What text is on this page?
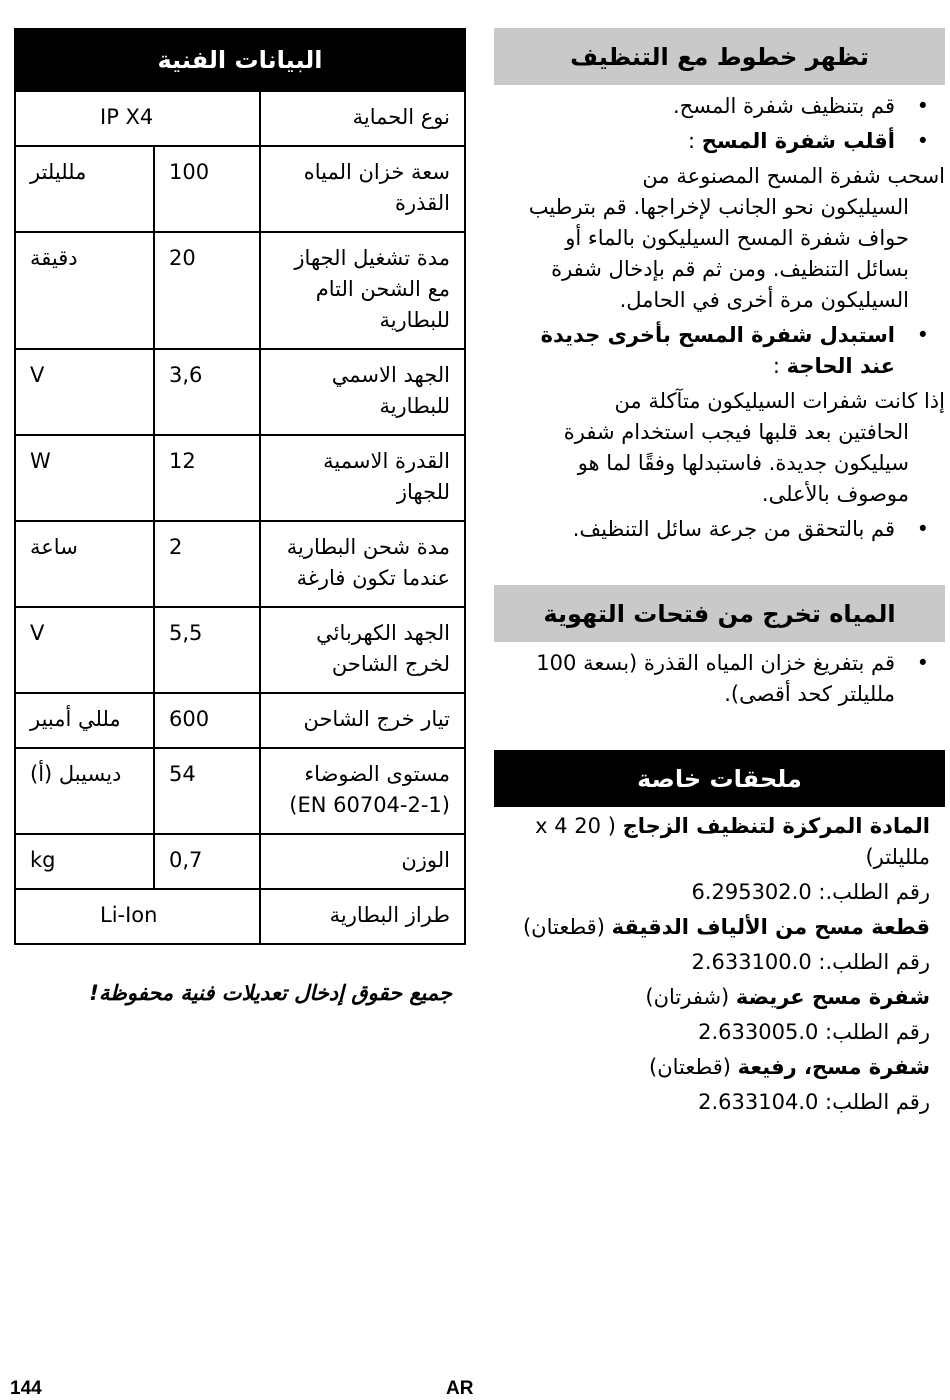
تظهر خطوط مع التنظيف
• قم بتنظيف شفرة المسح.
• أقلب شفرة المسح :
اسحب شفرة المسح المصنوعة من
السيليكون نحو الجانب لإخراجها. قم بترطيب حواف شفرة المسح السيليكون بالماء أو بسائل التنظيف. ومن ثم قم بإدخال شفرة السيليكون مرة أخرى في الحامل.
• استبدل شفرة المسح بأخرى جديدة عند الحاجة :
إذا كانت شفرات السيليكون متآكلة من
الحافتين بعد قلبها فيجب استخدام شفرة سيليكون جديدة. فاستبدلها وفقًا لما هو موصوف بالأعلى.
• قم بالتحقق من جرعة سائل التنظيف.
المياه تخرج من فتحات التهوية
• قم بتفريغ خزان المياه القذرة (بسعة 100 ملليلتر كحد أقصى).
ملحقات خاصة
المادة المركزة لتنظيف الزجاج ( 20 x 4 ملليلتر)
رقم الطلب.: 6.295302.0
قطعة مسح من الألياف الدقيقة (قطعتان)
رقم الطلب.: 2.633100.0
شفرة مسح عريضة (شفرتان)
رقم الطلب: 2.633005.0
شفرة مسح، رفيعة (قطعتان)
رقم الطلب: 2.633104.0
البيانات الفنية		
نوع الحماية	IP X4	
سعة خزان المياه القذرة	100	ملليلتر
مدة تشغيل الجهاز مع الشحن التام للبطارية	20	دقيقة
الجهد الاسمي للبطارية	3,6	V
القدرة الاسمية للجهاز	12	W
مدة شحن البطارية عندما تكون فارغة	2	ساعة
الجهد الكهربائي لخرج الشاحن	5,5	V
تيار خرج الشاحن	600	مللي أمبير
مستوى الضوضاء (EN 60704-2-1)	54	ديسيبل (أ)
الوزن	0,7	kg
طراز البطارية	Li-Ion	
جميع حقوق إدخال تعديلات فنية محفوظة!
144	AR
